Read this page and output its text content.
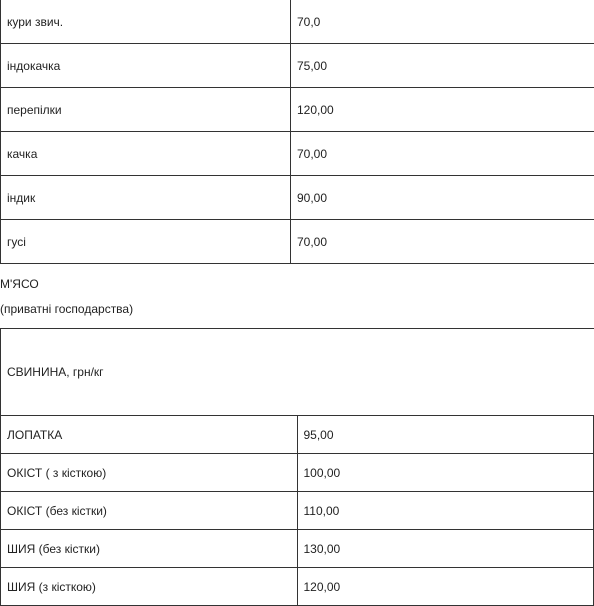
кури звич.	70,0
індокачка	75,00
перепілки	120,00
качка	70,00
індик	90,00
гусі	70,00
М'ЯСО
(приватні господарства)
СВИНИНА, грн/кг	
ЛОПАТКА	95,00
ОКІСТ ( з кісткою)	100,00
ОКІСТ (без кістки)	110,00
ШИЯ (без кістки)	130,00
ШИЯ (з кісткою)	120,00
